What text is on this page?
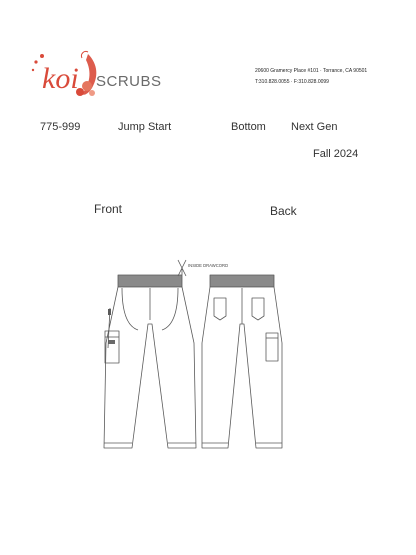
koi SCRUBS
20600 Gramercy Place #101 · Torrance, CA 90501
T:310.828.0055 · F:310.828.0099
775-999	Jump Start	Bottom Next Gen
Fall 2024
Front	Back
INSIDE DRAWCORD
